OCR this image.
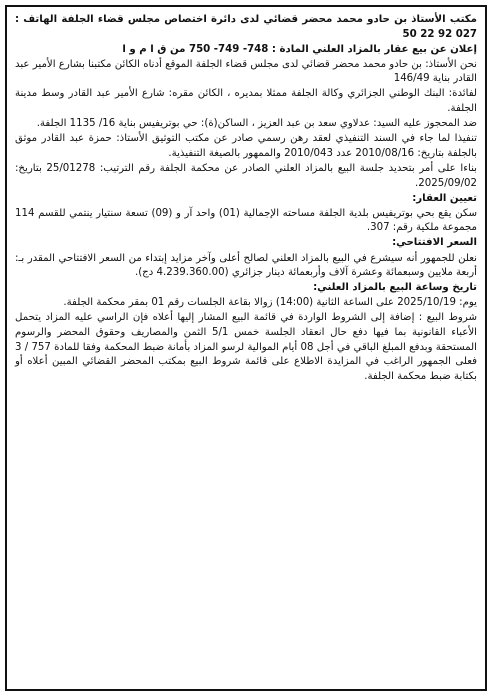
مكتب الأستاذ بن حادو محمد محضر قضائي لدى دائرة اختصاص مجلس قضاء الجلفة الهاتف : 027 92 22 50

إعلان عن بيع عقار بالمزاد العلني المادة : 748- 749- 750 من ق ا م و ا

نحن الأستاذ: بن حادو محمد محضر قضائي لدى مجلس قضاء الجلفة الموقع أدناه الكائن مكتبنا بشارع الأمير عبد القادر بناية 146/49

لفائدة: البنك الوطني الجزائري وكالة الجلفة ممثلا بمديره ، الكائن مقره: شارع الأمير عبد القادر وسط مدينة الجلفة.

ضد المحجوز عليه السيد: عدلاوي سعد بن عبد العزيز ، الساكن(ة): حي بوتريفيس بناية 16/ 1135 الجلفة.

تنفيذا لما جاء في السند التنفيذي لعقد رهن رسمي صادر عن مكتب التوثيق الأستاذ: حمزة عبد القادر موثق بالجلفة بتاريخ: 2010/08/16 عدد 2010/043 والممهور بالصيغة التنفيذية.

بناءا على أمر بتحديد جلسة البيع بالمزاد العلني الصادر عن محكمة الجلفة رقم الترتيب: 25/01278 بتاريخ: 2025/09/02.

تعيين العقار:

سكن يقع بحي بوتريفيس بلدية الجلفة مساحته الإجمالية (01) واحد آر و (09) تسعة سنتيار ينتمي للقسم 114 مجموعة ملكية رقم: 307.

السعر الافتتاحي:

نعلن للجمهور أنه سيشرع في البيع بالمزاد العلني لصالح أعلى وآخر مزايد إبتداء من السعر الافتتاحي المقدر بـ: أربعة ملايين وسبعمائة وعشرة آلاف وأربعمائة دينار جزائري (4.239.360.00 دج).

تاريخ وساعة البيع بالمزاد العلني:

يوم: 2025/10/19 على الساعة الثانية (14:00) زوالا بقاعة الجلسات رقم 01 بمقر محكمة الجلفة.

شروط البيع : إضافة إلى الشروط الواردة في قائمة البيع المشار إليها أعلاه فإن الراسي عليه المزاد يتحمل الأعباء القانونية بما فيها دفع حال انعقاد الجلسة خمس 5/1 الثمن والمصاريف وحقوق المحضر والرسوم المستحقة وبدفع المبلغ الباقي في أجل 08 أيام الموالية لرسو المزاد بأمانة ضبط المحكمة وفقا للمادة 757 / 3 فعلى الجمهور الراغب في المزايدة الاطلاع على قائمة شروط البيع بمكتب المحضر القضائي المبين أعلاه أو بكتابة ضبط محكمة الجلفة.
